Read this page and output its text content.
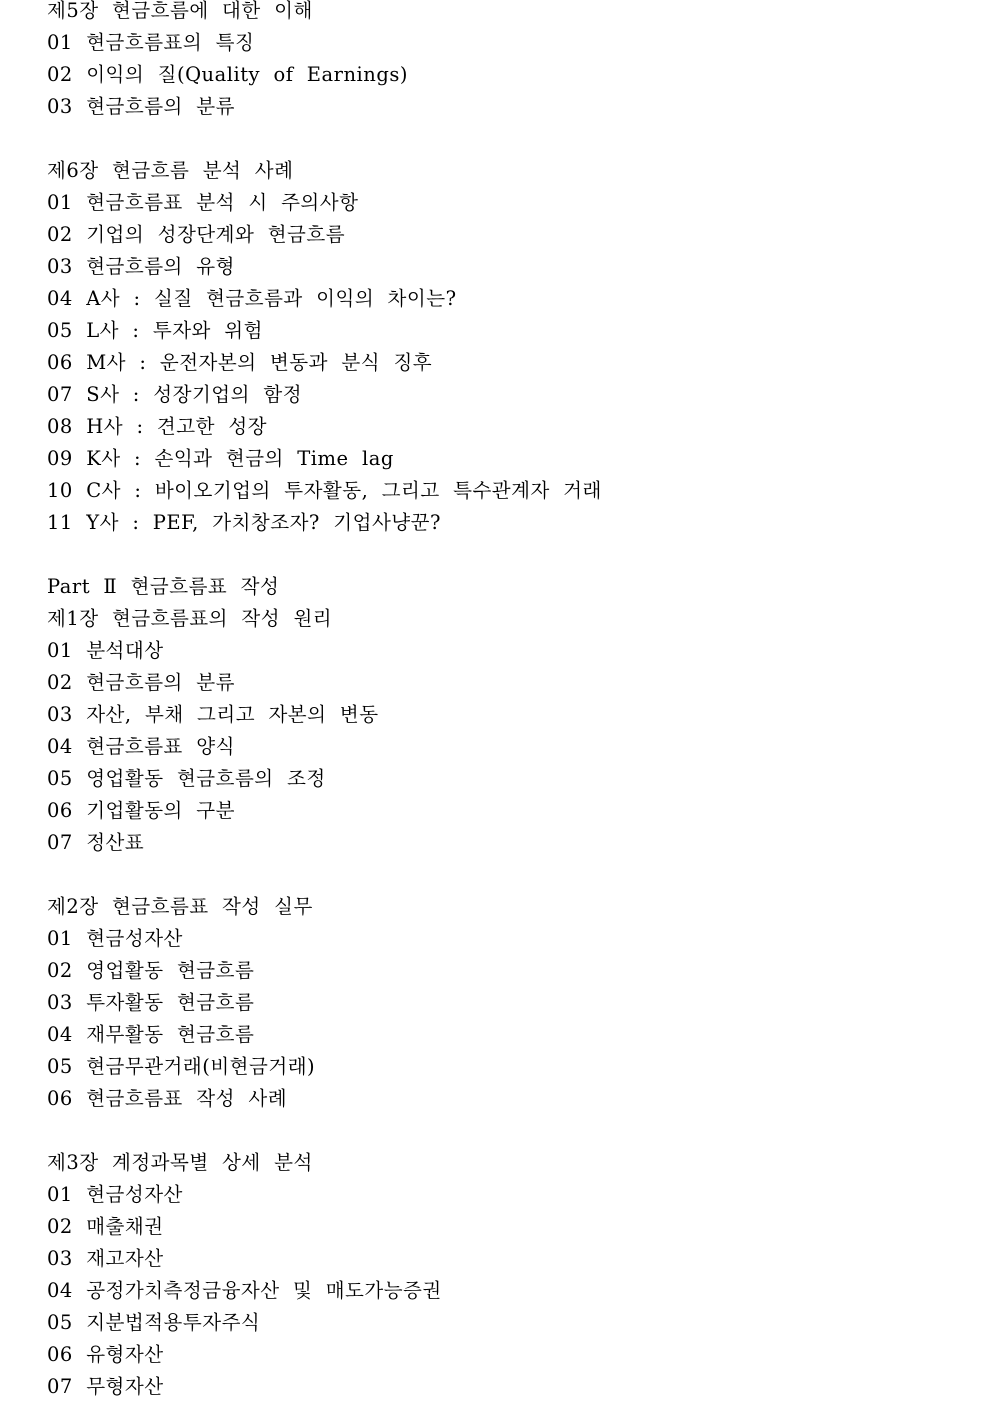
제5장  현금흐름에  대한  이해
01  현금흐름표의  특징
02  이익의  질(Quality  of  Earnings)
03  현금흐름의  분류
제6장  현금흐름  분석  사례
01  현금흐름표  분석  시  주의사항
02  기업의  성장단계와  현금흐름
03  현금흐름의  유형
04  A사  :  실질  현금흐름과  이익의  차이는?
05  L사  :  투자와  위험
06  M사  :  운전자본의  변동과  분식  징후
07  S사  :  성장기업의  함정
08  H사  :  견고한  성장
09  K사  :  손익과  현금의  Time  lag
10  C사  :  바이오기업의  투자활동,  그리고  특수관계자  거래
11  Y사  :  PEF,  가치창조자?  기업사냥꾼?
Part  Ⅱ  현금흐름표  작성
제1장  현금흐름표의  작성  원리
01  분석대상
02  현금흐름의  분류
03  자산,  부채  그리고  자본의  변동
04  현금흐름표  양식
05  영업활동  현금흐름의  조정
06  기업활동의  구분
07  정산표
제2장  현금흐름표  작성  실무
01  현금성자산
02  영업활동  현금흐름
03  투자활동  현금흐름
04  재무활동  현금흐름
05  현금무관거래(비현금거래)
06  현금흐름표  작성  사례
제3장  계정과목별  상세  분석
01  현금성자산
02  매출채권
03  재고자산
04  공정가치측정금융자산  및  매도가능증권
05  지분법적용투자주식
06  유형자산
07  무형자산
